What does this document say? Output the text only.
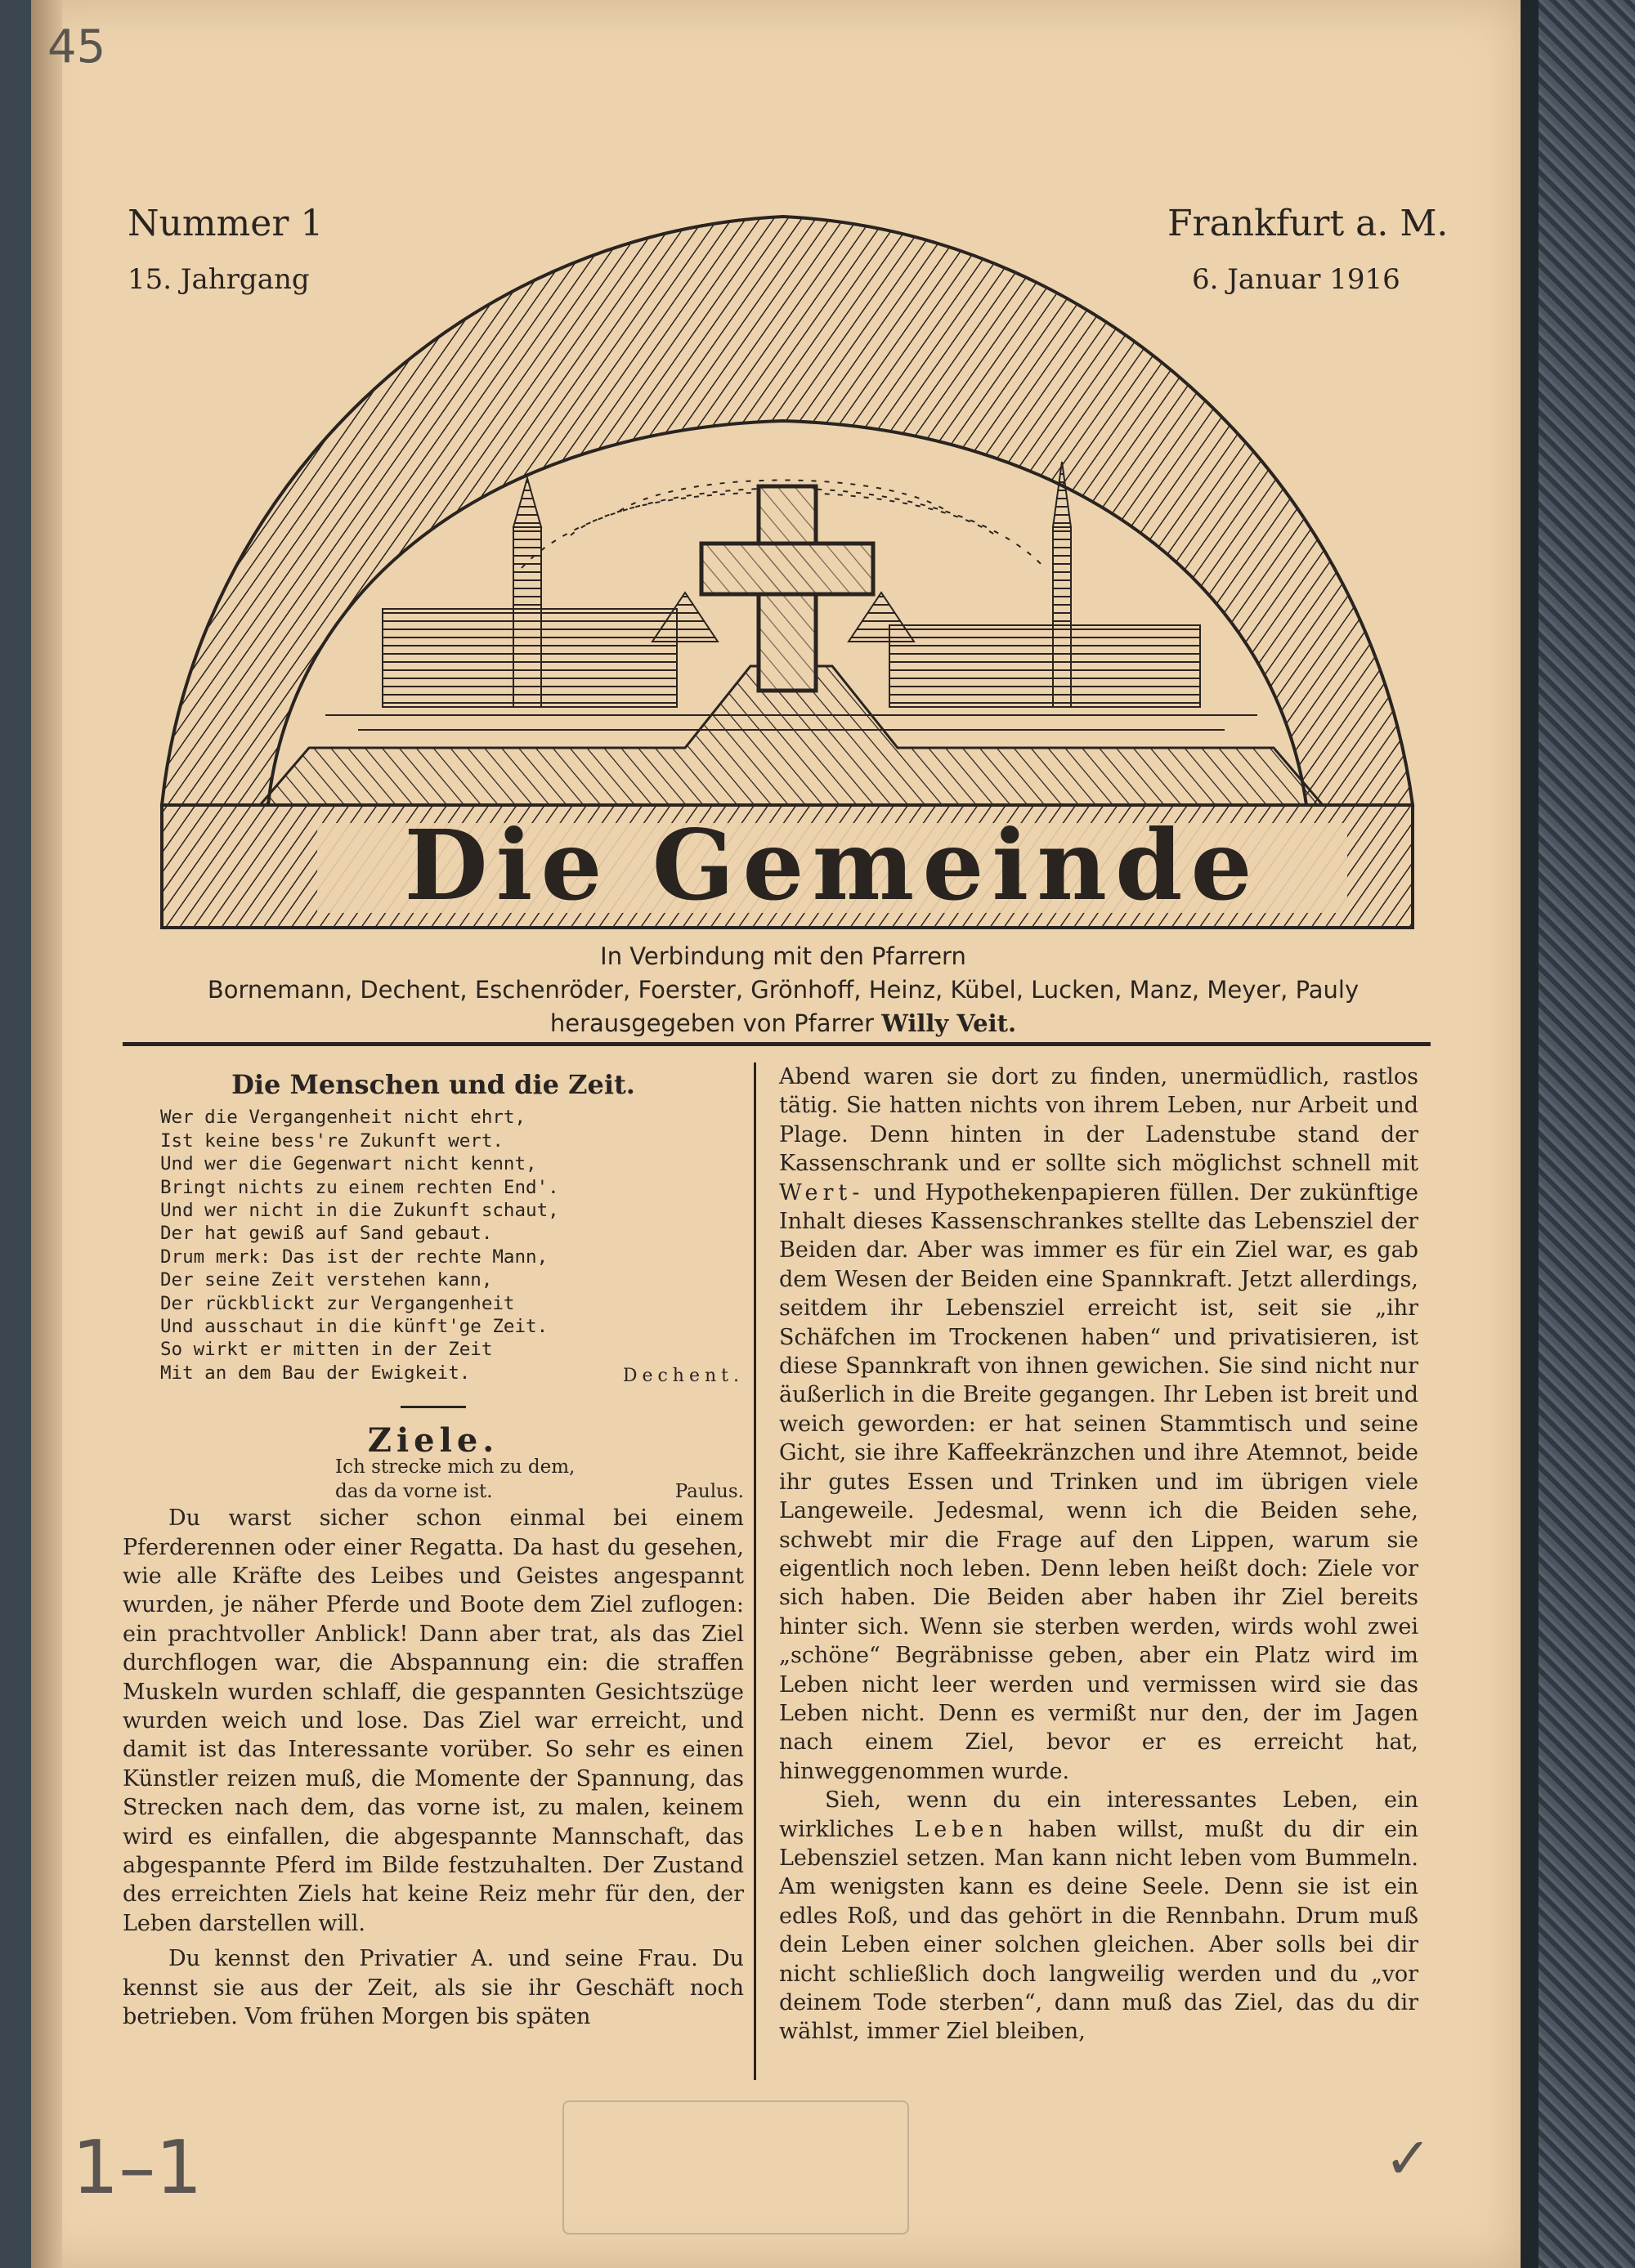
45
Nummer 1
15. Jahrgang
Frankfurt a. M.
6. Januar 1916
Die Gemeinde
In Verbindung mit den Pfarrern
Bornemann, Dechent, Eschenröder, Foerster, Grönhoff, Heinz, Kübel, Lucken, Manz, Meyer, Pauly
herausgegeben von Pfarrer Willy Veit.
Die Menschen und die Zeit.
Wer die Vergangenheit nicht ehrt,
Ist keine bess're Zukunft wert.
Und wer die Gegenwart nicht kennt,
Bringt nichts zu einem rechten End'.
Und wer nicht in die Zukunft schaut,
Der hat gewiß auf Sand gebaut.
Drum merk: Das ist der rechte Mann,
Der seine Zeit verstehen kann,
Der rückblickt zur Vergangenheit
Und ausschaut in die künft'ge Zeit.
So wirkt er mitten in der Zeit
Mit an dem Bau der Ewigkeit.	Dechent.
Ziele.
Ich strecke mich zu dem,
das da vorne ist.	Paulus.

Du warst sicher schon einmal bei einem Pferderennen oder einer Regatta. Da hast du gesehen, wie alle Kräfte des Leibes und Geistes angespannt wurden, je näher Pferde und Boote dem Ziel zuflogen: ein prachtvoller Anblick! Dann aber trat, als das Ziel durchflogen war, die Abspannung ein: die straffen Muskeln wurden schlaff, die gespannten Gesichtszüge wurden weich und lose. Das Ziel war erreicht, und damit ist das Interessante vorüber. So sehr es einen Künstler reizen muß, die Momente der Spannung, das Strecken nach dem, das vorne ist, zu malen, keinem wird es einfallen, die abgespannte Mannschaft, das abgespannte Pferd im Bilde festzuhalten. Der Zustand des erreichten Ziels hat keine Reiz mehr für den, der Leben darstellen will.

Du kennst den Privatier A. und seine Frau. Du kennst sie aus der Zeit, als sie ihr Geschäft noch betrieben. Vom frühen Morgen bis späten

Abend waren sie dort zu finden, unermüdlich, rastlos tätig. Sie hatten nichts von ihrem Leben, nur Arbeit und Plage. Denn hinten in der Ladenstube stand der Kassenschrank und er sollte sich möglichst schnell mit Wert- und Hypothekenpapieren füllen. Der zukünftige Inhalt dieses Kassenschrankes stellte das Lebensziel der Beiden dar. Aber was immer es für ein Ziel war, es gab dem Wesen der Beiden eine Spannkraft. Jetzt allerdings, seitdem ihr Lebensziel erreicht ist, seit sie „ihr Schäfchen im Trockenen haben“ und privatisieren, ist diese Spannkraft von ihnen gewichen. Sie sind nicht nur äußerlich in die Breite gegangen. Ihr Leben ist breit und weich geworden: er hat seinen Stammtisch und seine Gicht, sie ihre Kaffeekränzchen und ihre Atemnot, beide ihr gutes Essen und Trinken und im übrigen viele Langeweile. Jedesmal, wenn ich die Beiden sehe, schwebt mir die Frage auf den Lippen, warum sie eigentlich noch leben. Denn leben heißt doch: Ziele vor sich haben. Die Beiden aber haben ihr Ziel bereits hinter sich. Wenn sie sterben werden, wirds wohl zwei „schöne“ Begräbnisse geben, aber ein Platz wird im Leben nicht leer werden und vermissen wird sie das Leben nicht. Denn es vermißt nur den, der im Jagen nach einem Ziel, bevor er es erreicht hat, hinweggenommen wurde.

Sieh, wenn du ein interessantes Leben, ein wirkliches Leben haben willst, mußt du dir ein Lebensziel setzen. Man kann nicht leben vom Bummeln. Am wenigsten kann es deine Seele. Denn sie ist ein edles Roß, und das gehört in die Rennbahn. Drum muß dein Leben einer solchen gleichen. Aber solls bei dir nicht schließlich doch langweilig werden und du „vor deinem Tode sterben“, dann muß das Ziel, das du dir wählst, immer Ziel bleiben,

1–1	✓
